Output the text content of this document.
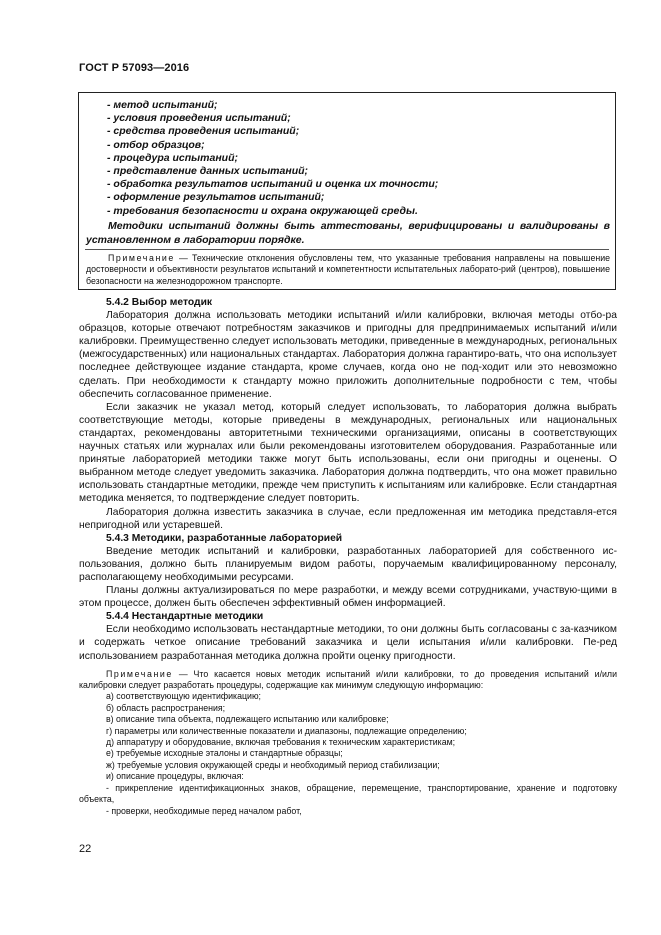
ГОСТ Р 57093—2016
- метод испытаний;
- условия проведения испытаний;
- средства проведения испытаний;
- отбор образцов;
- процедура испытаний;
- представление данных испытаний;
- обработка результатов испытаний и оценка их точности;
- оформление результатов испытаний;
- требования безопасности и охрана окружающей среды.
Методики испытаний должны быть аттестованы, верифицированы и валидированы в установленном в лаборатории порядке.
Примечание — Технические отклонения обусловлены тем, что указанные требования направлены на повышение достоверности и объективности результатов испытаний и компетентности испытательных лаборато-рий (центров), повышение безопасности на железнодорожном транспорте.

5.4.2 Выбор методик

Лаборатория должна использовать методики испытаний и/или калибровки, включая методы отбо-ра образцов, которые отвечают потребностям заказчиков и пригодны для предпринимаемых испытаний и/или калибровки. Преимущественно следует использовать методики, приведенные в международных, региональных (межгосударственных) или национальных стандартах. Лаборатория должна гарантиро-вать, что она использует последнее действующее издание стандарта, кроме случаев, когда оно не под-ходит или это невозможно сделать. При необходимости к стандарту можно приложить дополнительные подробности с тем, чтобы обеспечить согласованное применение.

Если заказчик не указал метод, который следует использовать, то лаборатория должна выбрать соответствующие методы, которые приведены в международных, региональных или национальных стандартах, рекомендованы авторитетными техническими организациями, описаны в соответствующих научных статьях или журналах или были рекомендованы изготовителем оборудования. Разработанные или принятые лабораторией методики также могут быть использованы, если они пригодны и оценены. О выбранном методе следует уведомить заказчика. Лаборатория должна подтвердить, что она может правильно использовать стандартные методики, прежде чем приступить к испытаниям или калибровке. Если стандартная методика меняется, то подтверждение следует повторить.

Лаборатория должна известить заказчика в случае, если предложенная им методика представля-ется непригодной или устаревшей.

5.4.3 Методики, разработанные лабораторией

Введение методик испытаний и калибровки, разработанных лабораторией для собственного ис-пользования, должно быть планируемым видом работы, поручаемым квалифицированному персоналу, располагающему необходимыми ресурсами.

Планы должны актуализироваться по мере разработки, и между всеми сотрудниками, участвую-щими в этом процессе, должен быть обеспечен эффективный обмен информацией.

5.4.4 Нестандартные методики

Если необходимо использовать нестандартные методики, то они должны быть согласованы с за-казчиком и содержать четкое описание требований заказчика и цели испытания и/или калибровки. Пе-ред использованием разработанная методика должна пройти оценку пригодности.

Примечание — Что касается новых методик испытаний и/или калибровки, то до проведения испытаний и/или калибровки следует разработать процедуры, содержащие как минимум следующую информацию:

а) соответствующую идентификацию;
б) область распространения;
в) описание типа объекта, подлежащего испытанию или калибровке;
г) параметры или количественные показатели и диапазоны, подлежащие определению;
д) аппаратуру и оборудование, включая требования к техническим характеристикам;
е) требуемые исходные эталоны и стандартные образцы;
ж) требуемые условия окружающей среды и необходимый период стабилизации;
и) описание процедуры, включая:

- прикрепление идентификационных знаков, обращение, перемещение, транспортирование, хранение и подготовку объекта,

- проверки, необходимые перед началом работ,
22
